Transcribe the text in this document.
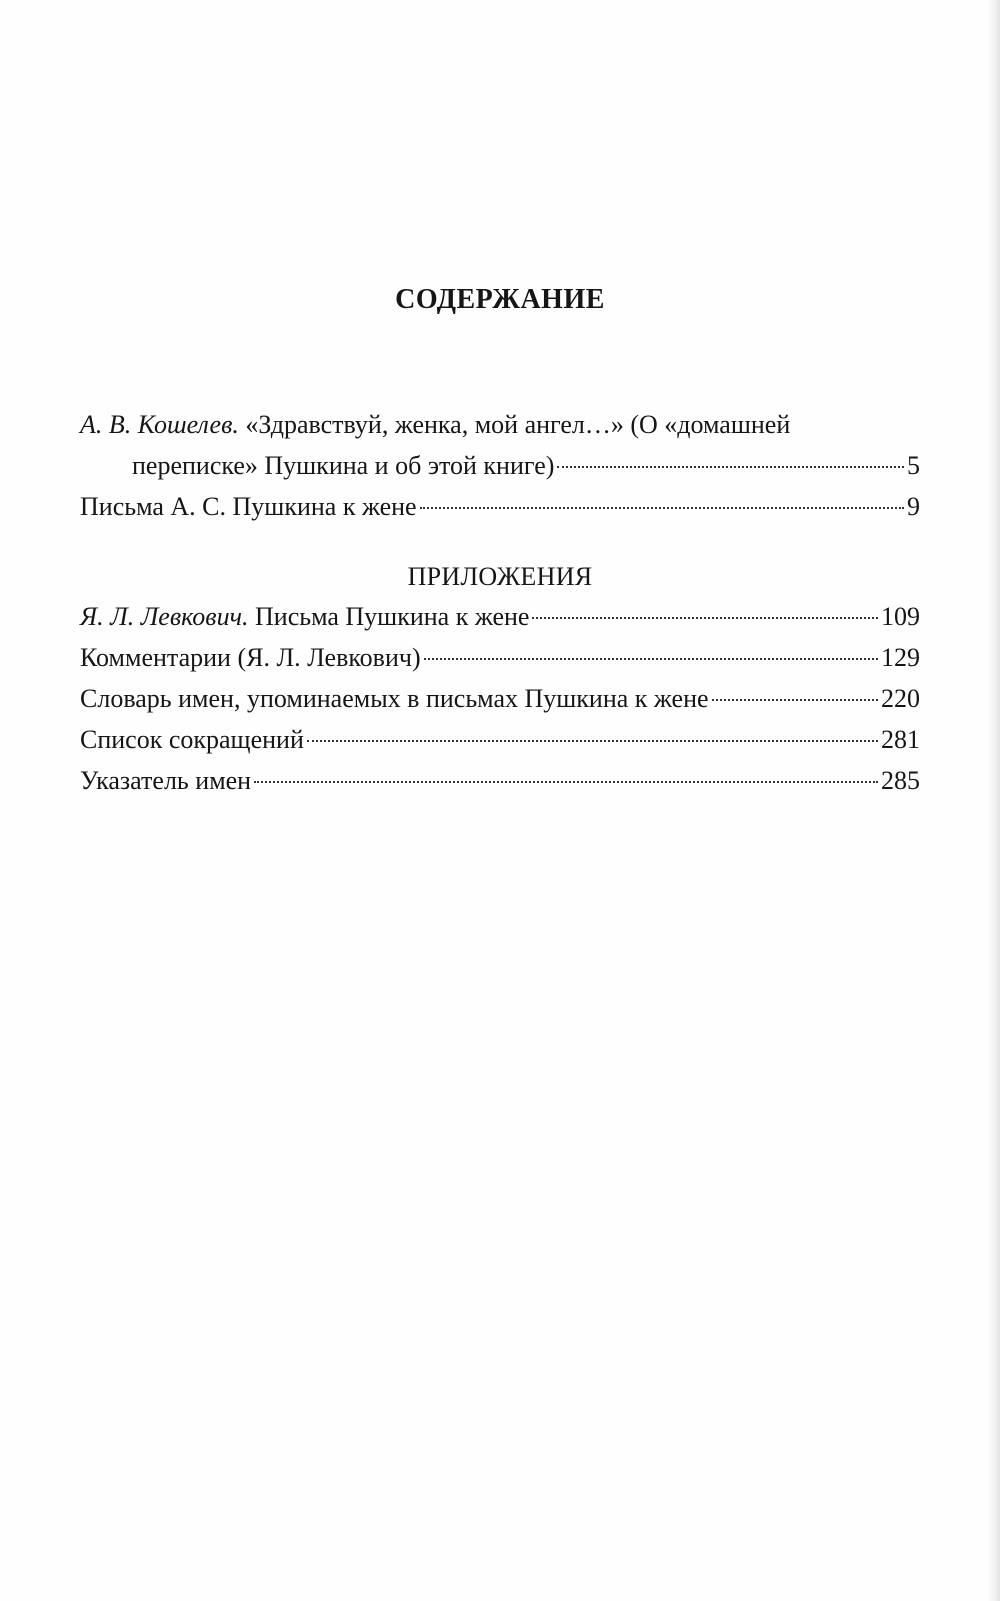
СОДЕРЖАНИЕ
А. В. Кошелев. «Здравствуй, женка, мой ангел…» (О «домашней
переписке» Пушкина и об этой книге)	5
Письма А. С. Пушкина к жене	9
ПРИЛОЖЕНИЯ
Я. Л. Левкович. Письма Пушкина к жене	109
Комментарии (Я. Л. Левкович)	129
Словарь имен, упоминаемых в письмах Пушкина к жене	220
Список сокращений	281
Указатель имен	285
